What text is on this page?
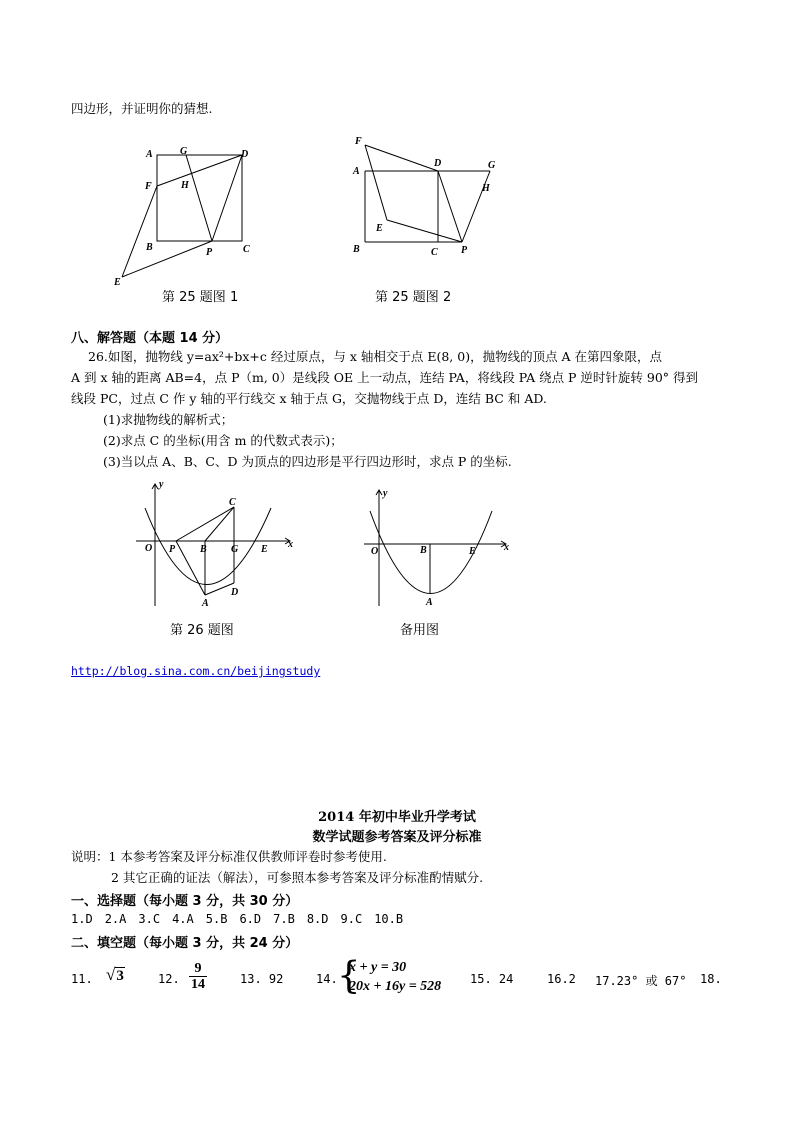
四边形，并证明你的猜想.
A	G	D
F	H
B	P	C
E
第 25 题图 1
F
A
D	G
H
E
B	C P
第 25 题图 2
八、解答题（本题 14 分）
26.如图，抛物线 y=ax²+bx+c 经过原点，与 x 轴相交于点 E(8, 0)，抛物线的顶点 A 在第四象限，点
A 到 x 轴的距离 AB=4，点 P（m, 0）是线段 OE 上一动点，连结 PA，将线段 PA 绕点 P 逆时针旋转 90° 得到
线段 PC，过点 C 作 y 轴的平行线交 x 轴于点 G，交抛物线于点 D，连结 BC 和 AD.
(1)求抛物线的解析式；
(2)求点 C 的坐标(用含 m 的代数式表示)；
(3)当以点 A、B、C、D 为顶点的四边形是平行四边形时，求点 P 的坐标.
y
x
O P B G E
C
A
D
第 26 题图
y
x
O	B	E
A
备用图
http://blog.sina.com.cn/beijingstudy
2014 年初中毕业升学考试
数学试题参考答案及评分标准
说明：1 本参考答案及评分标准仅供教师评卷时参考使用.
2 其它正确的证法（解法），可参照本参考答案及评分标准酌情赋分.
一、选择题（每小题 3 分，共 30 分）
1.D 2.A 3.C 4.A 5.B 6.D 7.B 8.D 9.C 10.B
二、填空题（每小题 3 分，共 24 分）
11. √3	12. $\frac{9}{14}$	13. 92	14. {
x + y = 30
20x + 16y = 528 15. 24	16.2 17.23° 或 67° 18.
